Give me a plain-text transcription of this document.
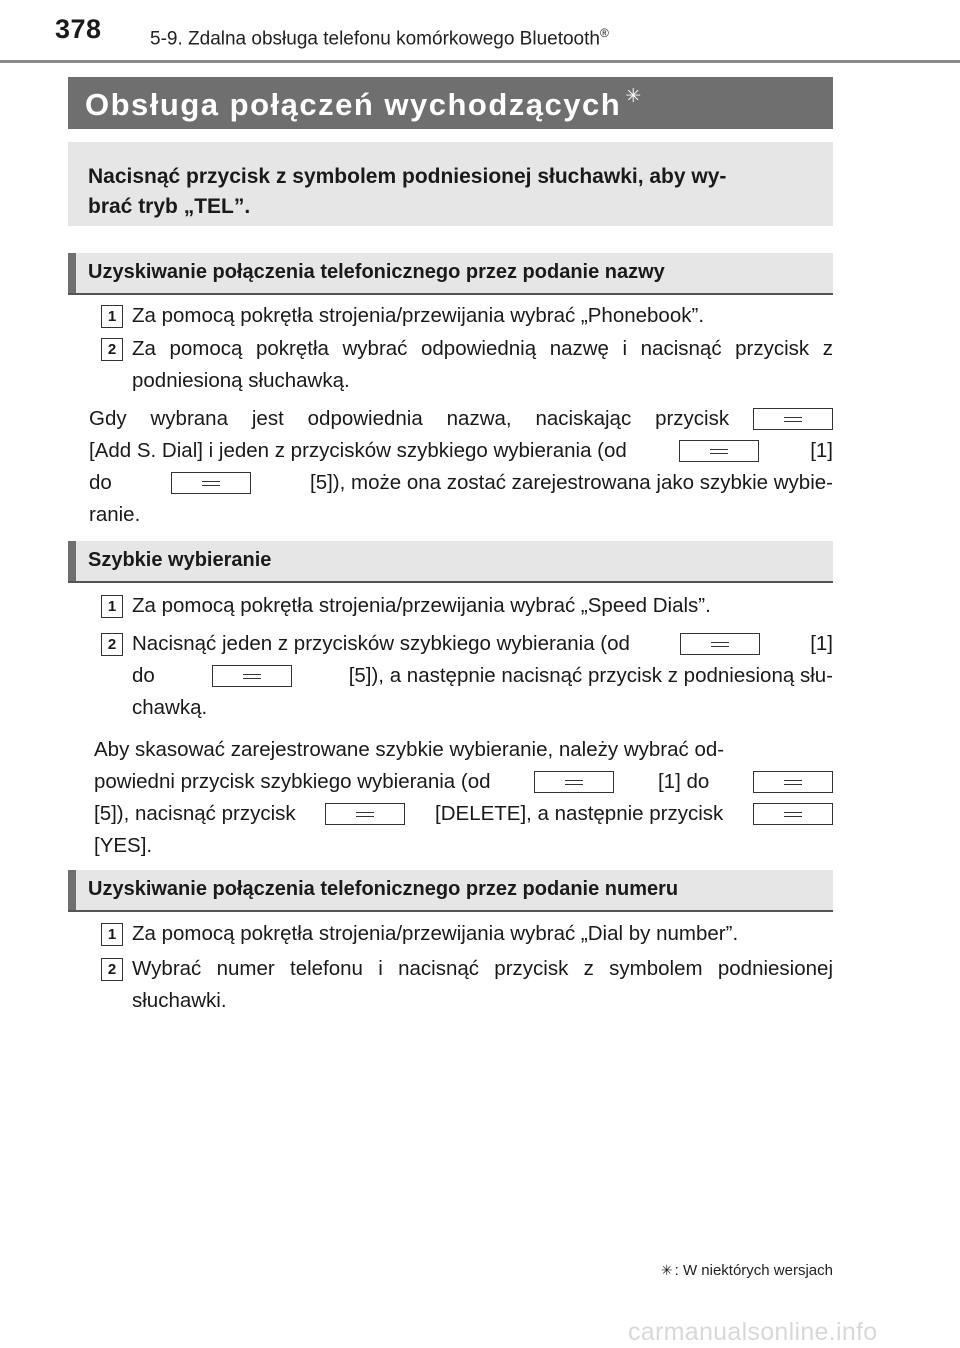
378	5-9. Zdalna obsługa telefonu komórkowego Bluetooth®
Obsługa połączeń wychodzących ✳
Nacisnąć przycisk z symbolem podniesionej słuchawki, aby wy-
brać tryb „TEL”.
Uzyskiwanie połączenia telefonicznego przez podanie nazwy
1 Za pomocą pokrętła strojenia/przewijania wybrać „Phonebook”.
2 Za pomocą pokrętła wybrać odpowiednią nazwę i nacisnąć przycisk z podniesioną słuchawką.
Gdy wybrana jest odpowiednia nazwa, naciskając przycisk
[Add S. Dial] i jeden z przycisków szybkiego wybierania (od	[1]
do	[5]), może ona zostać zarejestrowana jako szybkie wybie-
ranie.
Szybkie wybieranie
1 Za pomocą pokrętła strojenia/przewijania wybrać „Speed Dials”.
2 Nacisnąć jeden z przycisków szybkiego wybierania (od	[1]
do	[5]), a następnie nacisnąć przycisk z podniesioną słu-
chawką.
Aby skasować zarejestrowane szybkie wybieranie, należy wybrać od-
powiedni przycisk szybkiego wybierania (od	[1] do
[5]), nacisnąć przycisk	[DELETE], a następnie przycisk
[YES].
Uzyskiwanie połączenia telefonicznego przez podanie numeru
1 Za pomocą pokrętła strojenia/przewijania wybrać „Dial by number”.
2 Wybrać numer telefonu i nacisnąć przycisk z symbolem podniesionej słuchawki.
✳ : W niektórych wersjach
carmanualsonline.info
